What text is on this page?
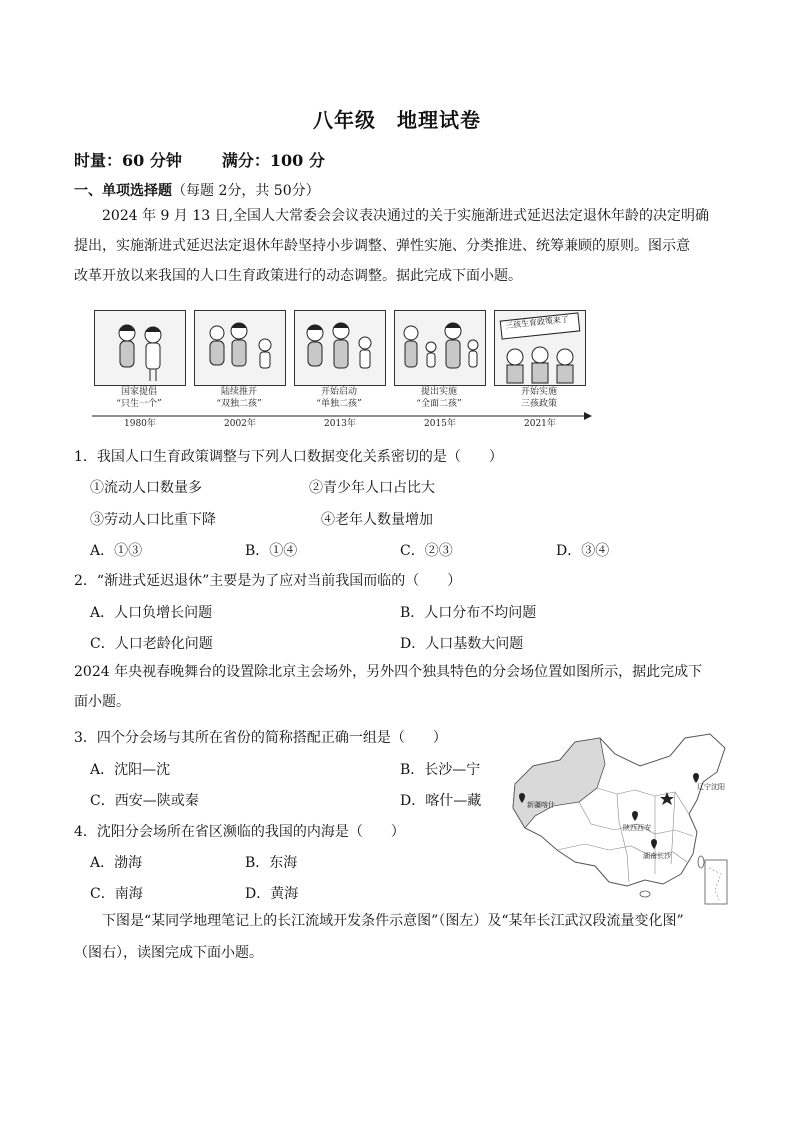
八年级　地理试卷
时量：60 分钟	满分：100 分
一、单项选择题（每题 2分，共 50分）
2024 年 9 月 13 日,全国人大常委会会议表决通过的关于实施渐进式延迟法定退休年龄的决定明确
提出，实施渐进式延迟法定退休年龄坚持小步调整、弹性实施、分类推进、统筹兼顾的原则。图示意
改革开放以来我国的人口生育政策进行的动态调整。据此完成下面小题。
三孩生育政策来了
国家提倡
“只生一个”
陆续推开
“双独二孩”
开始启动
“单独二孩”
提出实施
“全面二孩”
开始实施
三孩政策
1980年	2002年	2013年	2015年	2021年
1．我国人口生育政策调整与下列人口数据变化关系密切的是（　　）
①流动人口数量多	②青少年人口占比大
③劳动人口比重下降	④老年人数量增加
A．①③	B．①④	C．②③	D．③④
2．“渐进式延迟退休”主要是为了应对当前我国而临的（　　）
A．人口负增长问题	B．人口分布不均问题
C．人口老龄化问题	D．人口基数大问题
2024 年央视春晚舞台的设置除北京主会场外，另外四个独具特色的分会场位置如图所示，据此完成下
面小题。
新疆喀什
辽宁沈阳
陕西西安
湖南长沙
3．四个分会场与其所在省份的简称搭配正确一组是（　　）
A．沈阳—沈	B．长沙—宁
C．西安—陕或秦	D．喀什—藏
4．沈阳分会场所在省区濒临的我国的内海是（　　）
A．渤海	B．东海
C．南海	D．黄海
下图是“某同学地理笔记上的长江流域开发条件示意图”（图左）及“某年长江武汉段流量变化图”
（图右），读图完成下面小题。
